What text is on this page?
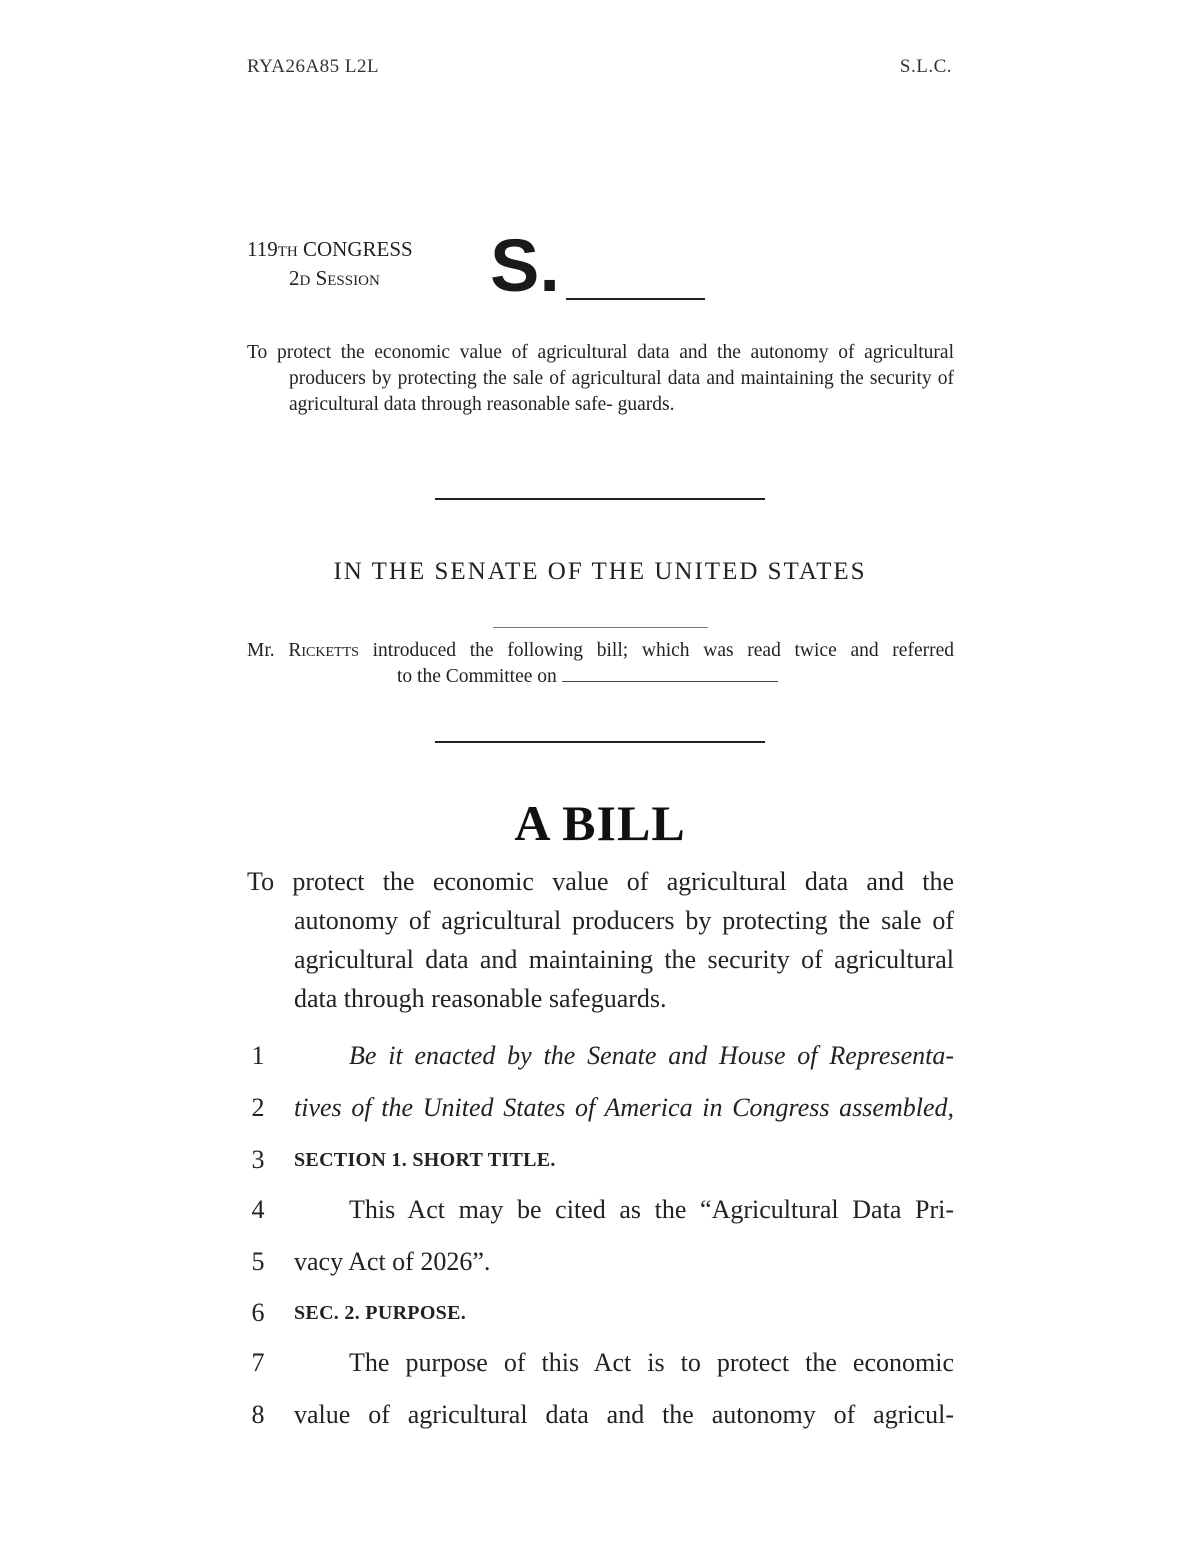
RYA26A85 L2L	S.L.C.
119TH CONGRESS
2D Session	S.

To protect the economic value of agricultural data and the autonomy of agricultural producers by protecting the sale of agricultural data and maintaining the security of agricultural data through reasonable safe- guards.

IN THE SENATE OF THE UNITED STATES
Mr. Ricketts introduced the following bill; which was read twice and referred
to the Committee on
A BILL

To protect the economic value of agricultural data and the autonomy of agricultural producers by protecting the sale of agricultural data and maintaining the security of agricultural data through reasonable safeguards.

1	Be it enacted by the Senate and House of Representa-
2	tives of the United States of America in Congress assembled,
3	SECTION 1. SHORT TITLE.
4	This Act may be cited as the “Agricultural Data Pri-
5	vacy Act of 2026”.
6	SEC. 2. PURPOSE.
7	The purpose of this Act is to protect the economic
8	value of agricultural data and the autonomy of agricul-
